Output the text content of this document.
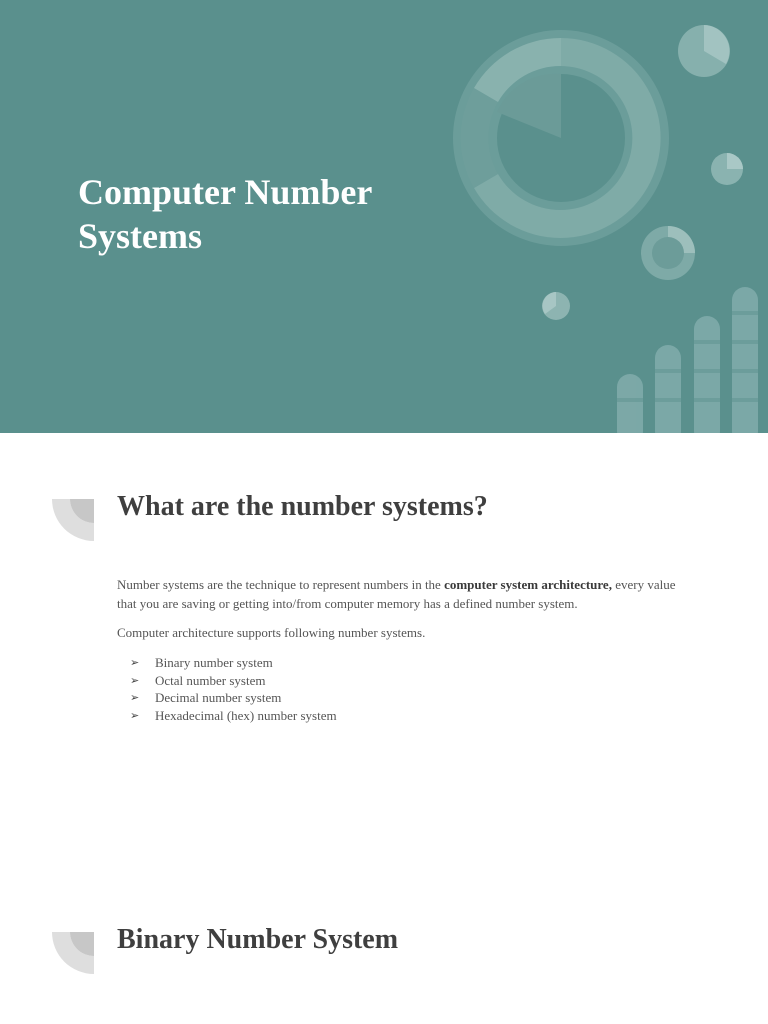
Computer Number Systems
What are the number systems?

Number systems are the technique to represent numbers in the computer system architecture, every value that you are saving or getting into/from computer memory has a defined number system.

Computer architecture supports following number systems.

➢	Binary number system
➢	Octal number system
➢	Decimal number system
➢	Hexadecimal (hex) number system
Binary Number System
